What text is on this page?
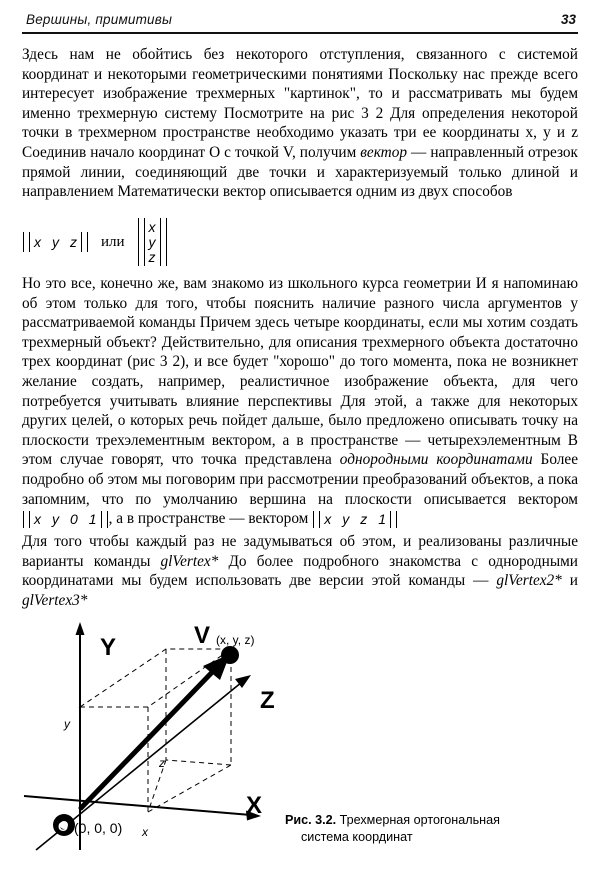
Вершины, примитивы	33

Здесь нам не обойтись без некоторого отступления, связанного с системой координат и некоторыми геометрическими понятиями Поскольку нас прежде всего интересует изображение трехмерных "картинок", то и рассматривать мы будем именно трехмерную систему Посмотрите на рис 3 2 Для определения некоторой точки в трехмерном пространстве необходимо указать три ее координаты x, y и z Соединив начало координат О с точкой V, получим вектор — направленный отрезок прямой линии, соединяющий две точки и характеризуемый только длиной и направлением Математически вектор описывается одним из двух способов

x y z или
x
y
z

Но это все, конечно же, вам знакомо из школьного курса геометрии И я напоминаю об этом только для того, чтобы пояснить наличие разного числа аргументов у рассматриваемой команды Причем здесь четыре координаты, если мы хотим создать трехмерный объект? Действительно, для описания трехмерного объекта достаточно трех координат (рис 3 2), и все будет "хорошо" до того момента, пока не возникнет желание создать, например, реалистичное изображение объекта, для чего потребуется учитывать влияние перспективы Для этой, а также для некоторых других целей, о которых речь пойдет дальше, было предложено описывать точку на плоскости трехэлементным вектором, а в пространстве — четырехэлементным В этом случае говорят, что точка представлена однородными координатами Более подробно об этом мы поговорим при рассмотрении преобразований объектов, а пока запомним, что по умолчанию вершина на плоскости описывается вектором
x y 0 1 , а в пространстве — вектором x y z 1

Для того чтобы каждый раз не задумываться об этом, и реализованы различные варианты команды glVertex* До более подробного знакомства с однородными координатами мы будем использовать две версии этой команды — glVertex2* и glVertex3*

Y
X
Z
V (x, y, z)
O (0, 0, 0)
y
x
z
Рис. 3.2. Трехмерная ортогональная
система координат
